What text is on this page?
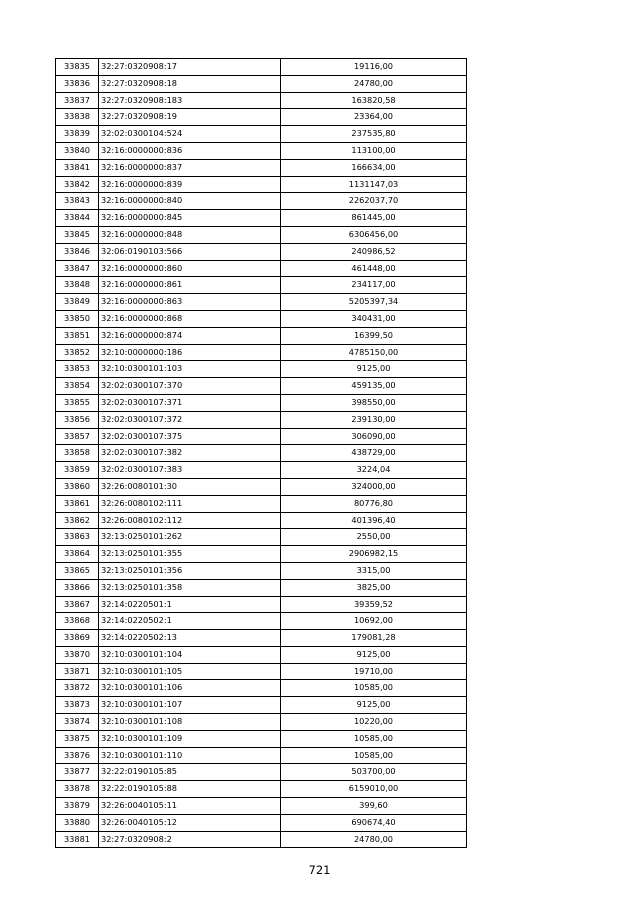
33835	32:27:0320908:17	19116,00
33836	32:27:0320908:18	24780,00
33837	32:27:0320908:183	163820,58
33838	32:27:0320908:19	23364,00
33839	32:02:0300104:524	237535,80
33840	32:16:0000000:836	113100,00
33841	32:16:0000000:837	166634,00
33842	32:16:0000000:839	1131147,03
33843	32:16:0000000:840	2262037,70
33844	32:16:0000000:845	861445,00
33845	32:16:0000000:848	6306456,00
33846	32:06:0190103:566	240986,52
33847	32:16:0000000:860	461448,00
33848	32:16:0000000:861	234117,00
33849	32:16:0000000:863	5205397,34
33850	32:16:0000000:868	340431,00
33851	32:16:0000000:874	16399,50
33852	32:10:0000000:186	4785150,00
33853	32:10:0300101:103	9125,00
33854	32:02:0300107:370	459135,00
33855	32:02:0300107:371	398550,00
33856	32:02:0300107:372	239130,00
33857	32:02:0300107:375	306090,00
33858	32:02:0300107:382	438729,00
33859	32:02:0300107:383	3224,04
33860	32:26:0080101:30	324000,00
33861	32:26:0080102:111	80776,80
33862	32:26:0080102:112	401396,40
33863	32:13:0250101:262	2550,00
33864	32:13:0250101:355	2906982,15
33865	32:13:0250101:356	3315,00
33866	32:13:0250101:358	3825,00
33867	32:14:0220501:1	39359,52
33868	32:14:0220502:1	10692,00
33869	32:14:0220502:13	179081,28
33870	32:10:0300101:104	9125,00
33871	32:10:0300101:105	19710,00
33872	32:10:0300101:106	10585,00
33873	32:10:0300101:107	9125,00
33874	32:10:0300101:108	10220,00
33875	32:10:0300101:109	10585,00
33876	32:10:0300101:110	10585,00
33877	32:22:0190105:85	503700,00
33878	32:22:0190105:88	6159010,00
33879	32:26:0040105:11	399,60
33880	32:26:0040105:12	690674,40
33881	32:27:0320908:2	24780,00
721
